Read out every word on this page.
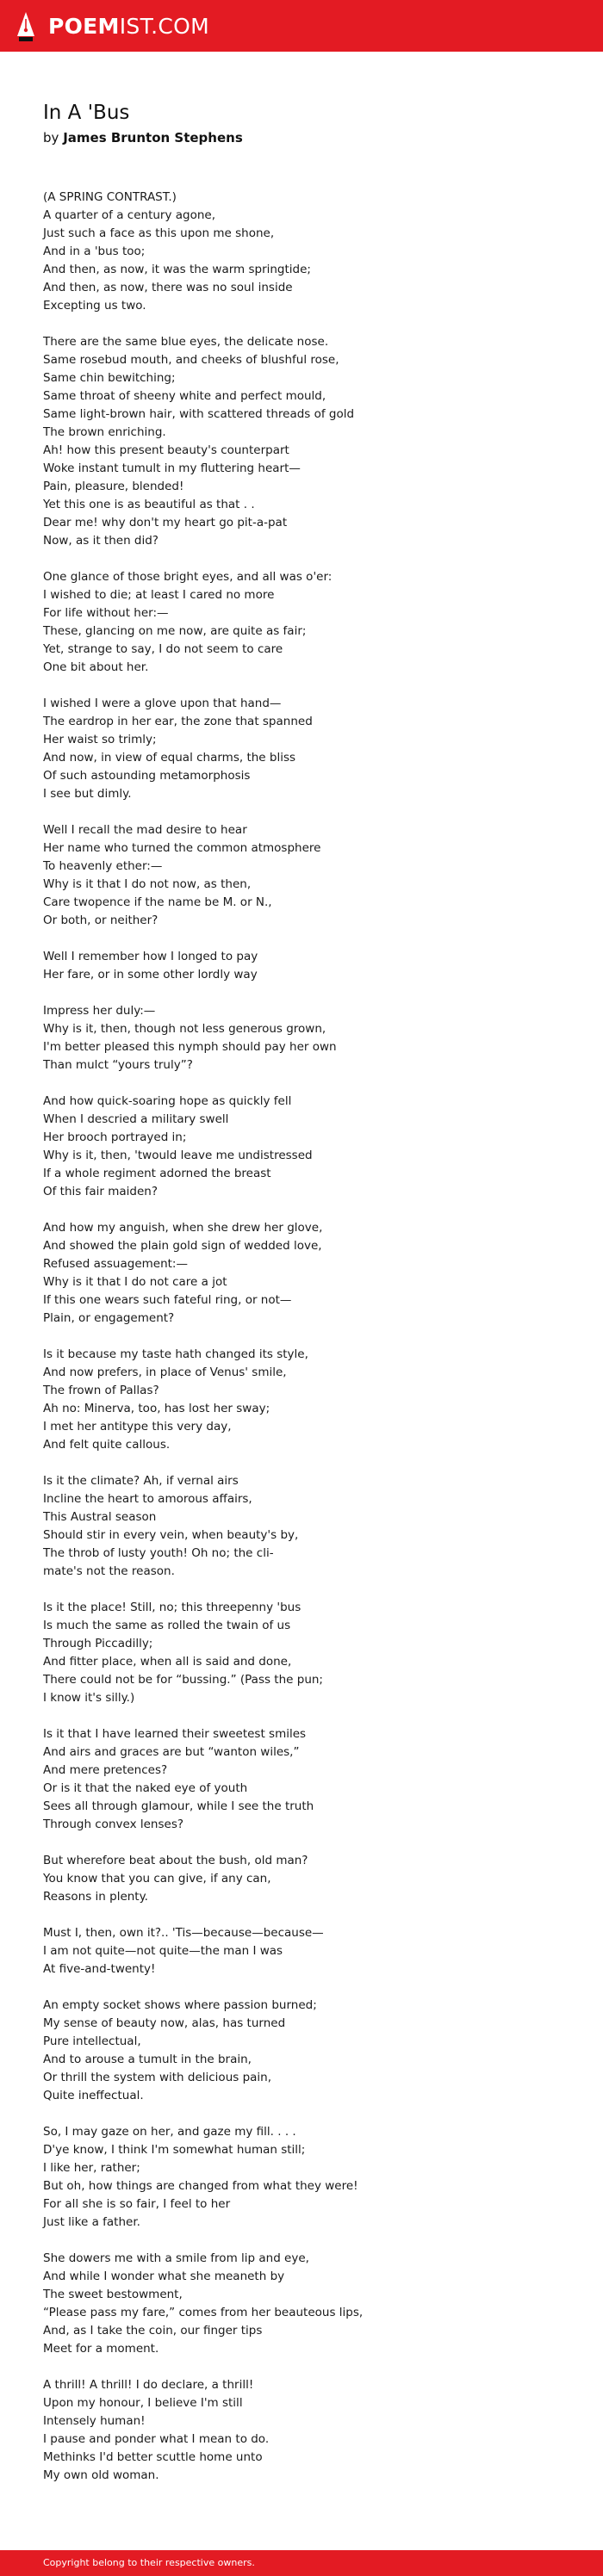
POEMIST.COM
In A 'Bus
by James Brunton Stephens
(A SPRING CONTRAST.)
A quarter of a century agone,
Just such a face as this upon me shone,
And in a 'bus too;
And then, as now, it was the warm springtide;
And then, as now, there was no soul inside
Excepting us two.
There are the same blue eyes, the delicate nose.
Same rosebud mouth, and cheeks of blushful rose,
Same chin bewitching;
Same throat of sheeny white and perfect mould,
Same light-brown hair, with scattered threads of gold
The brown enriching.
Ah! how this present beauty's counterpart
Woke instant tumult in my fluttering heart—
Pain, pleasure, blended!
Yet this one is as beautiful as that . .
Dear me! why don't my heart go pit-a-pat
Now, as it then did?
One glance of those bright eyes, and all was o'er:
I wished to die; at least I cared no more
For life without her:—
These, glancing on me now, are quite as fair;
Yet, strange to say, I do not seem to care
One bit about her.
I wished I were a glove upon that hand—
The eardrop in her ear, the zone that spanned
Her waist so trimly;
And now, in view of equal charms, the bliss
Of such astounding metamorphosis
I see but dimly.
Well I recall the mad desire to hear
Her name who turned the common atmosphere
To heavenly ether:—
Why is it that I do not now, as then,
Care twopence if the name be M. or N.,
Or both, or neither?
Well I remember how I longed to pay
Her fare, or in some other lordly way
Impress her duly:—
Why is it, then, though not less generous grown,
I'm better pleased this nymph should pay her own
Than mulct “yours truly”?
And how quick-soaring hope as quickly fell
When I descried a military swell
Her brooch portrayed in;
Why is it, then, 'twould leave me undistressed
If a whole regiment adorned the breast
Of this fair maiden?
And how my anguish, when she drew her glove,
And showed the plain gold sign of wedded love,
Refused assuagement:—
Why is it that I do not care a jot
If this one wears such fateful ring, or not—
Plain, or engagement?
Is it because my taste hath changed its style,
And now prefers, in place of Venus' smile,
The frown of Pallas?
Ah no: Minerva, too, has lost her sway;
I met her antitype this very day,
And felt quite callous.
Is it the climate? Ah, if vernal airs
Incline the heart to amorous affairs,
This Austral season
Should stir in every vein, when beauty's by,
The throb of lusty youth! Oh no; the cli-
mate's not the reason.
Is it the place! Still, no; this threepenny 'bus
Is much the same as rolled the twain of us
Through Piccadilly;
And fitter place, when all is said and done,
There could not be for “bussing.” (Pass the pun;
I know it's silly.)
Is it that I have learned their sweetest smiles
And airs and graces are but “wanton wiles,”
And mere pretences?
Or is it that the naked eye of youth
Sees all through glamour, while I see the truth
Through convex lenses?
But wherefore beat about the bush, old man?
You know that you can give, if any can,
Reasons in plenty.
Must I, then, own it?.. 'Tis—because—because—
I am not quite—not quite—the man I was
At five-and-twenty!
An empty socket shows where passion burned;
My sense of beauty now, alas, has turned
Pure intellectual,
And to arouse a tumult in the brain,
Or thrill the system with delicious pain,
Quite ineffectual.
So, I may gaze on her, and gaze my fill. . . .
D'ye know, I think I'm somewhat human still;
I like her, rather;
But oh, how things are changed from what they were!
For all she is so fair, I feel to her
Just like a father.
She dowers me with a smile from lip and eye,
And while I wonder what she meaneth by
The sweet bestowment,
“Please pass my fare,” comes from her beauteous lips,
And, as I take the coin, our finger tips
Meet for a moment.
A thrill! A thrill! I do declare, a thrill!
Upon my honour, I believe I'm still
Intensely human!
I pause and ponder what I mean to do.
Methinks I'd better scuttle home unto
My own old woman.
Copyright belong to their respective owners.
